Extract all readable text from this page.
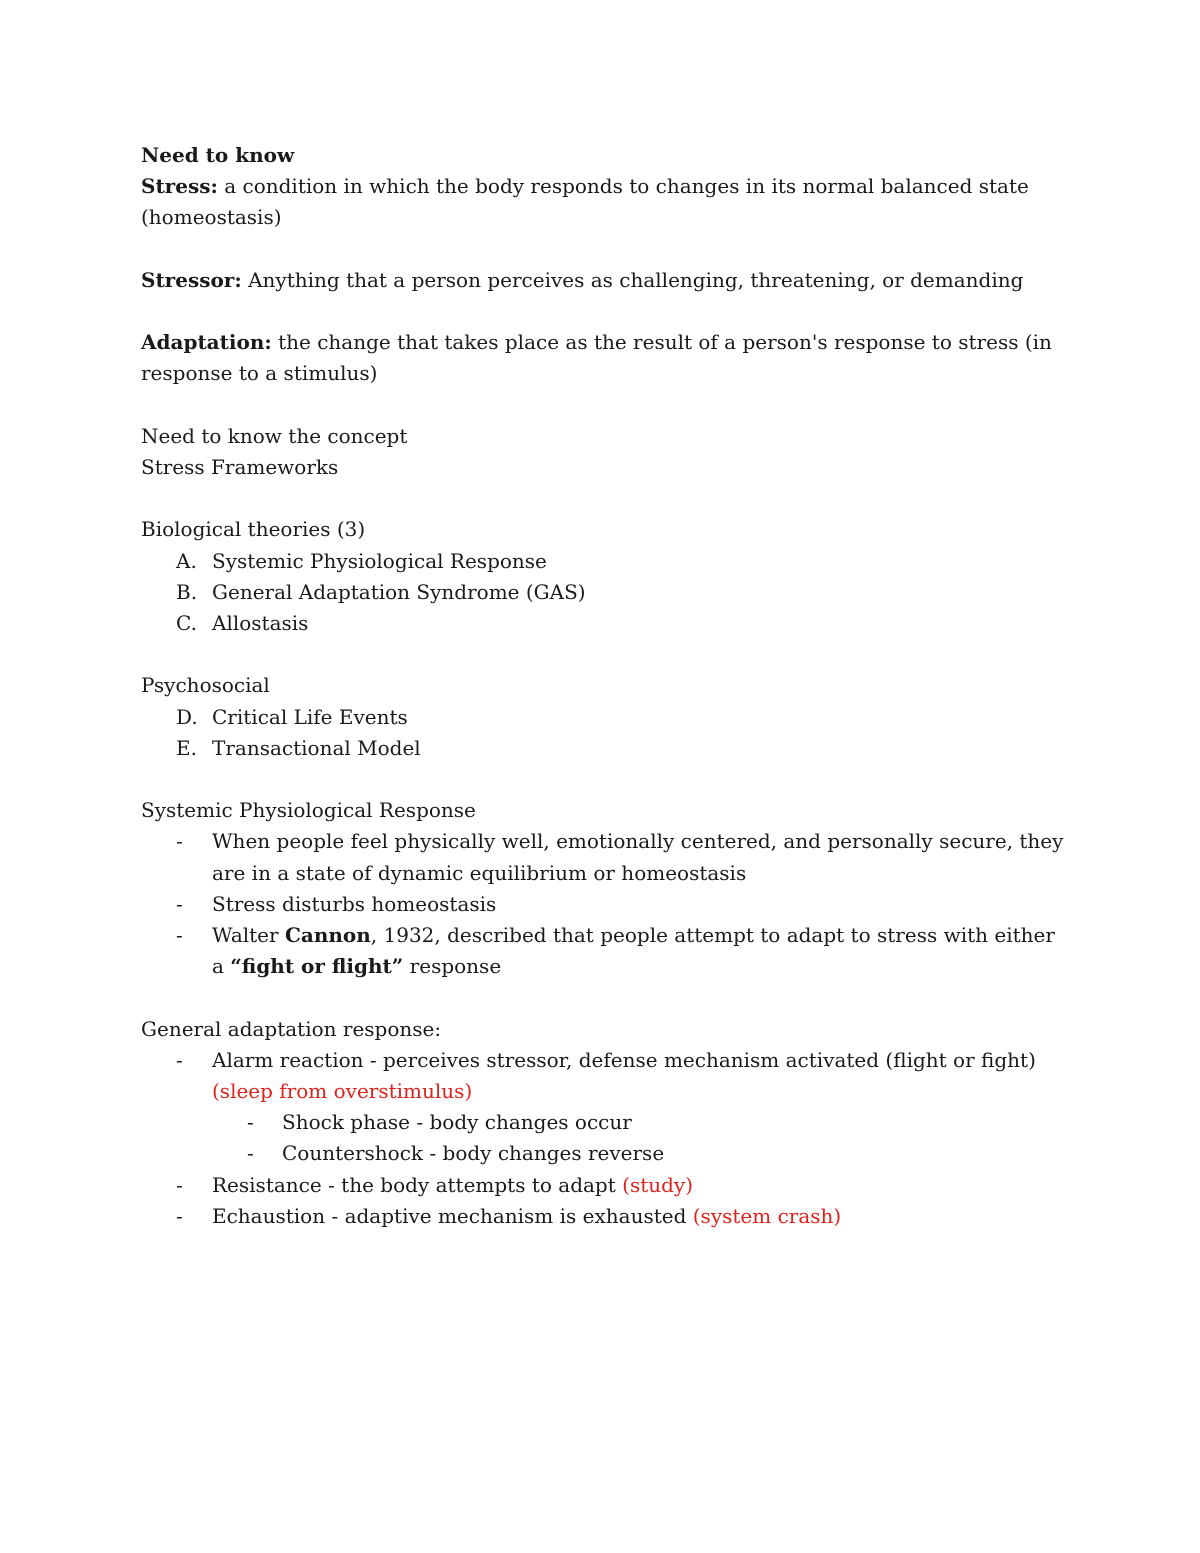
Need to know

Stress: a condition in which the body responds to changes in its normal balanced state (homeostasis)

Stressor: Anything that a person perceives as challenging, threatening, or demanding

Adaptation: the change that takes place as the result of a person's response to stress (in response to a stimulus)

Need to know the concept

Stress Frameworks

Biological theories (3)

A. Systemic Physiological Response
B. General Adaptation Syndrome (GAS)
C. Allostasis

Psychosocial

D. Critical Life Events
E. Transactional Model

Systemic Physiological Response

-	When people feel physically well, emotionally centered, and personally secure, they are in a state of dynamic equilibrium or homeostasis
-	Stress disturbs homeostasis
-	Walter Cannon, 1932, described that people attempt to adapt to stress with either a “fight or flight” response

General adaptation response:

-	Alarm reaction - perceives stressor, defense mechanism activated (flight or fight) (sleep from overstimulus)
-	Shock phase - body changes occur
-	Countershock - body changes reverse
-	Resistance - the body attempts to adapt (study)
-	Echaustion - adaptive mechanism is exhausted (system crash)
